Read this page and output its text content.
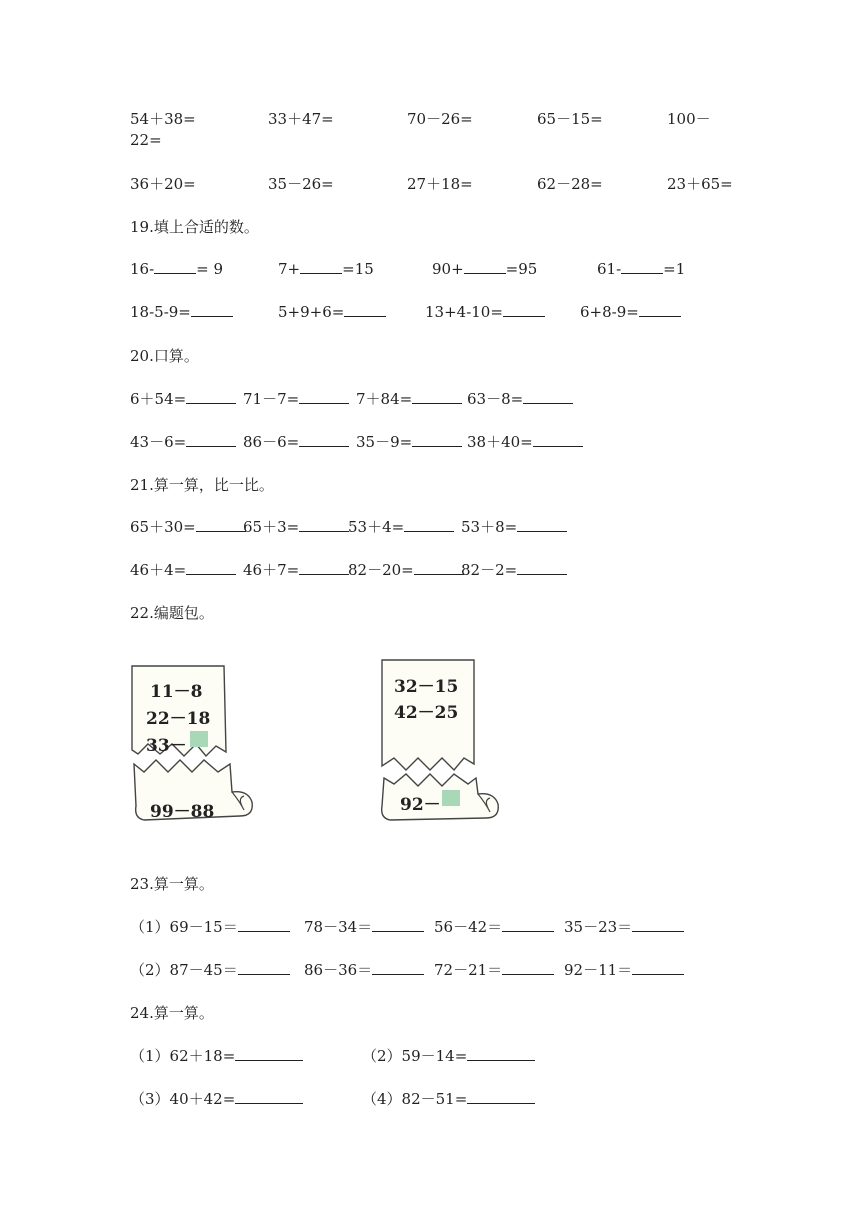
54＋38=	33＋47=	70－26=	65－15=	100－
22=
36＋20=	35－26=	27＋18=	62－28=	23＋65=
19.填上合适的数。
16-	= 9	7+	=15	90+	=95	61-	=1
18-5-9=	5+9+6=	13+4-10=	6+8-9=
20.口算。
6＋54=	71－7=	7＋84=	63－8=
43－6=	86－6=	35－9=	38＋40=
21.算一算，比一比。
65＋30=	65＋3=	53＋4=	53＋8=
46＋4=	46＋7=	82－20=	82－2=
22.编题包。
11－8
22－18
33－
99－88
32－15
42－25
92－
23.算一算。
（1）69－15＝	78－34＝	56－42＝	35－23＝
（2）87－45＝	86－36＝	72－21＝	92－11＝
24.算一算。
（1）62＋18=	（2）59－14=
（3）40＋42=	（4）82－51=
